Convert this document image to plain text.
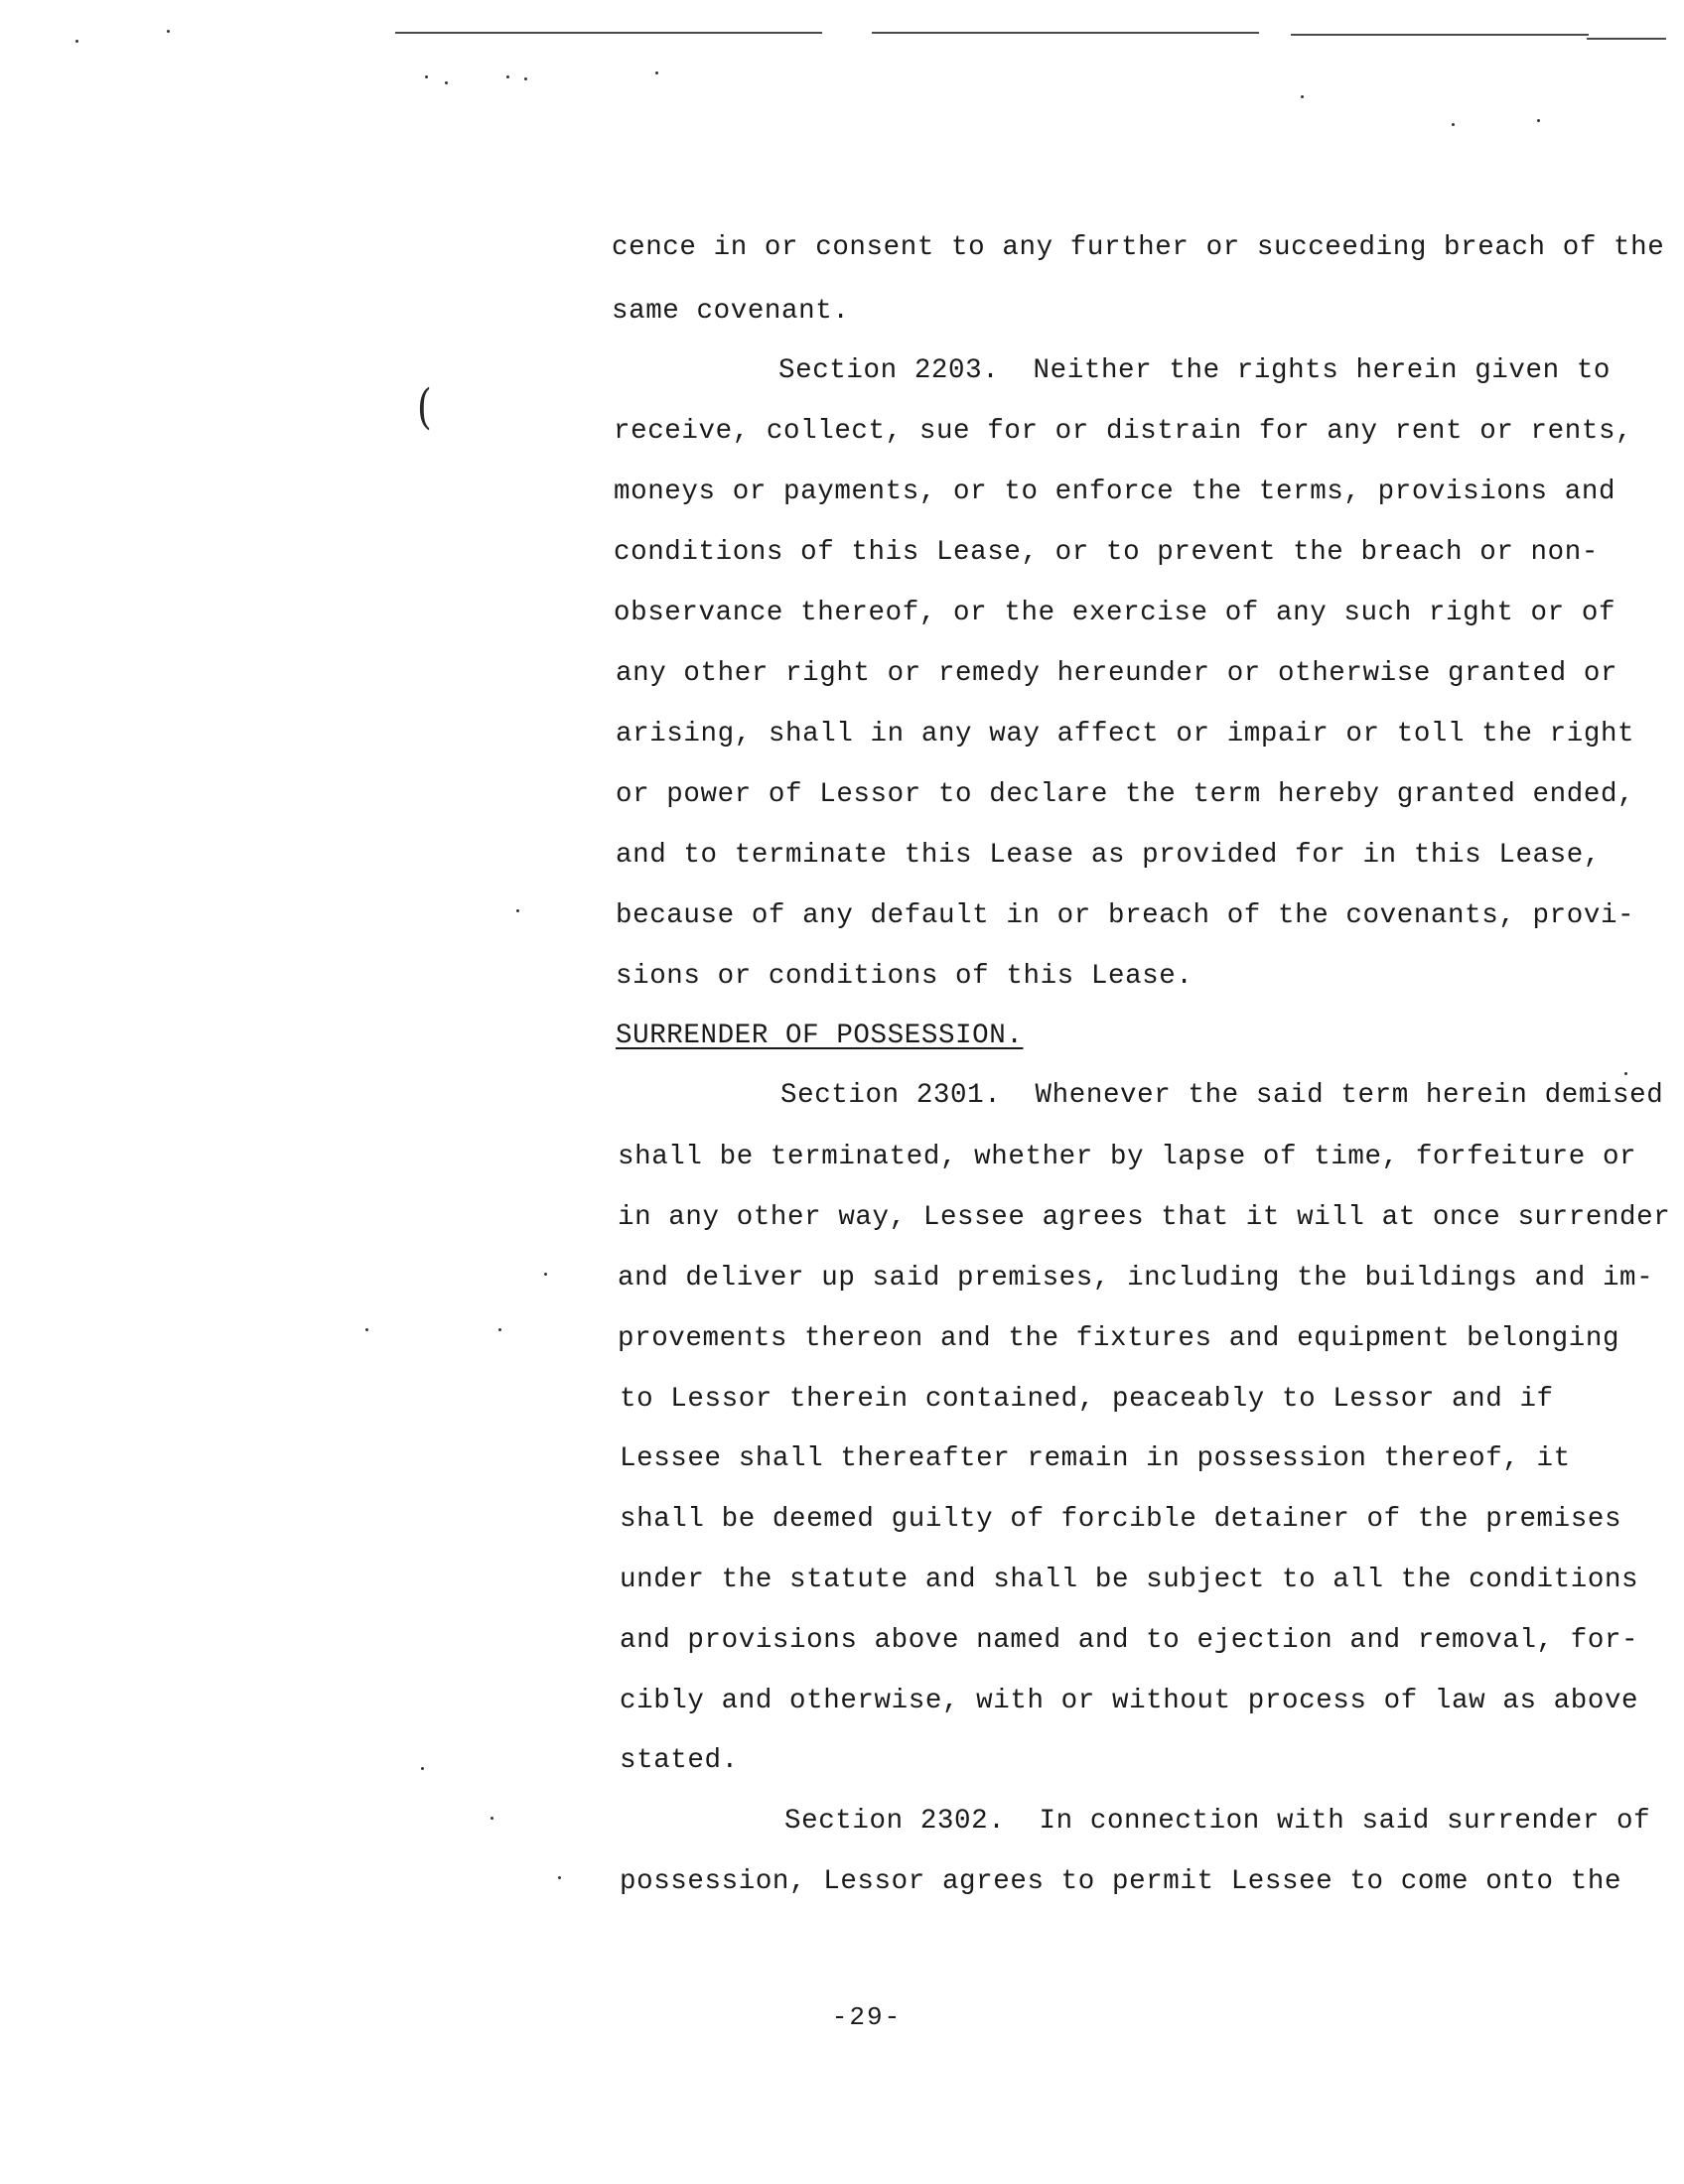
(
cence in or consent to any further or succeeding breach of the
same covenant.
Section 2203.  Neither the rights herein given to
receive, collect, sue for or distrain for any rent or rents,
moneys or payments, or to enforce the terms, provisions and
conditions of this Lease, or to prevent the breach or non-
observance thereof, or the exercise of any such right or of
any other right or remedy hereunder or otherwise granted or
arising, shall in any way affect or impair or toll the right
or power of Lessor to declare the term hereby granted ended,
and to terminate this Lease as provided for in this Lease,
because of any default in or breach of the covenants, provi-
sions or conditions of this Lease.
SURRENDER OF POSSESSION.
Section 2301.  Whenever the said term herein demised
shall be terminated, whether by lapse of time, forfeiture or
in any other way, Lessee agrees that it will at once surrender
and deliver up said premises, including the buildings and im-
provements thereon and the fixtures and equipment belonging
to Lessor therein contained, peaceably to Lessor and if
Lessee shall thereafter remain in possession thereof, it
shall be deemed guilty of forcible detainer of the premises
under the statute and shall be subject to all the conditions
and provisions above named and to ejection and removal, for-
cibly and otherwise, with or without process of law as above
stated.
Section 2302.  In connection with said surrender of
possession, Lessor agrees to permit Lessee to come onto the
-29-
